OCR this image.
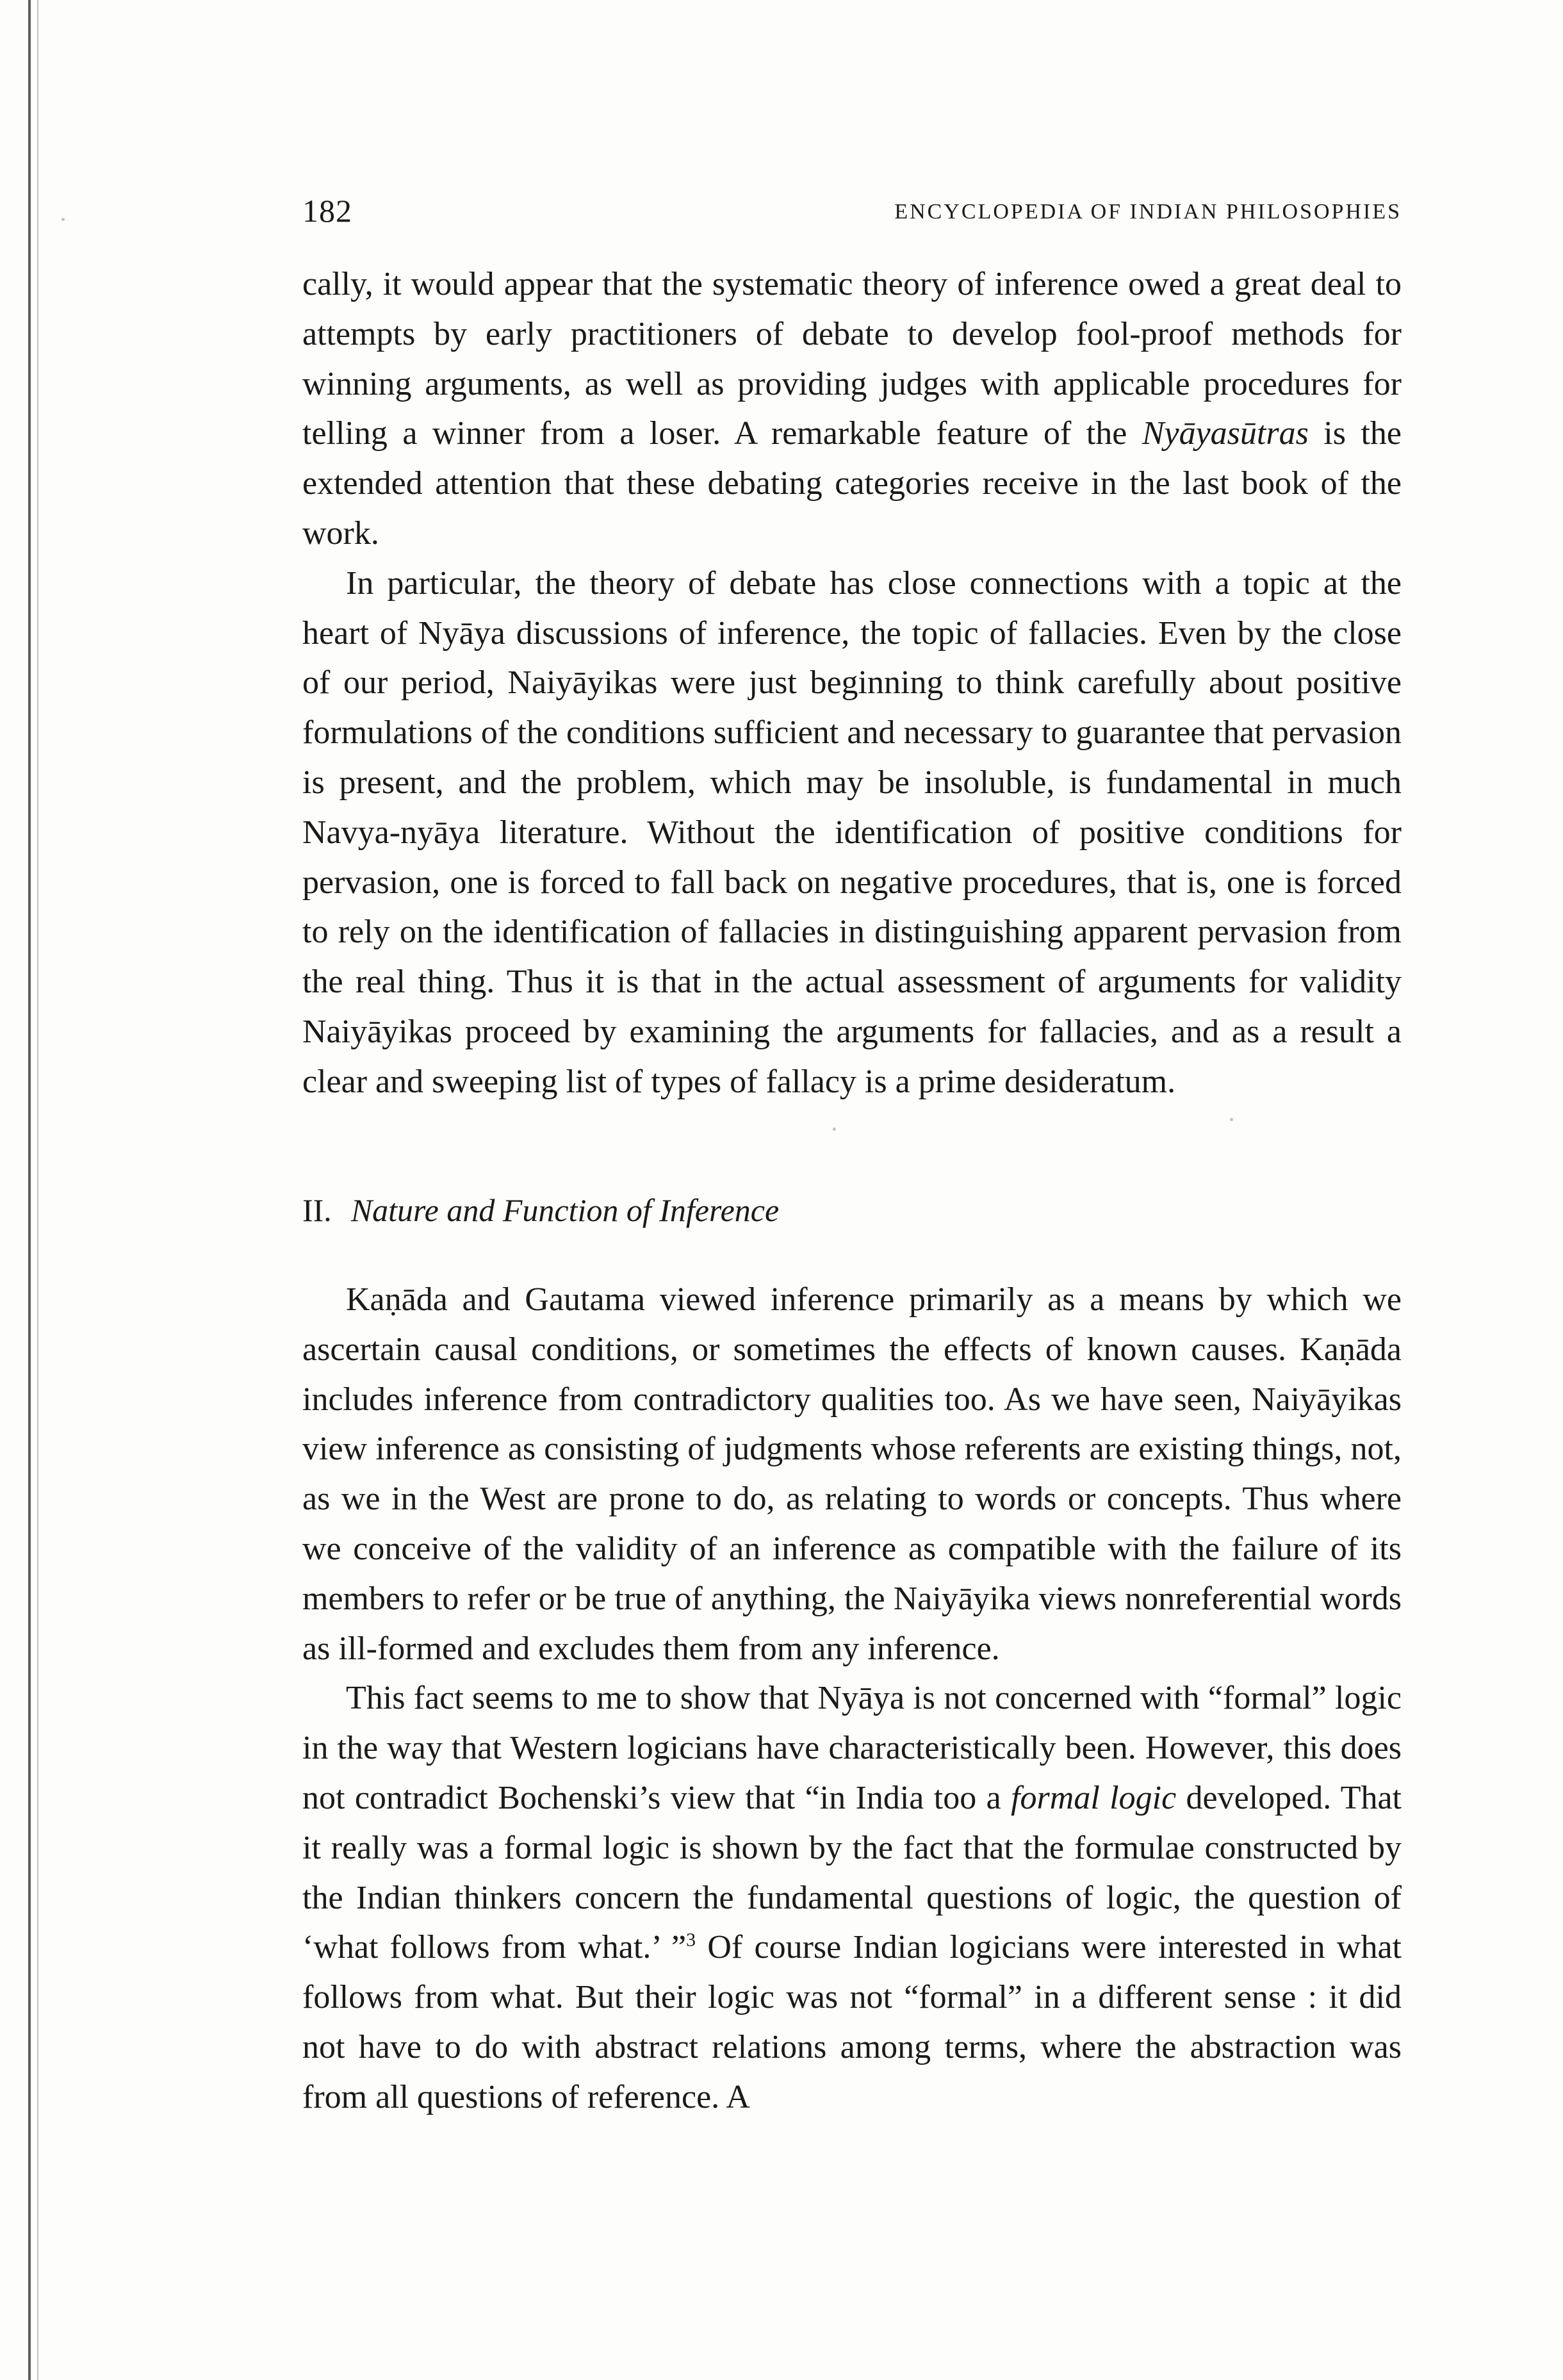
182	ENCYCLOPEDIA OF INDIAN PHILOSOPHIES

cally, it would appear that the systematic theory of inference owed a great deal to attempts by early practitioners of debate to develop fool-proof methods for winning arguments, as well as providing judges with applicable procedures for telling a winner from a loser. A remarkable feature of the Nyāyasūtras is the extended attention that these debating categories receive in the last book of the work.

In particular, the theory of debate has close connections with a topic at the heart of Nyāya discussions of inference, the topic of fallacies. Even by the close of our period, Naiyāyikas were just beginning to think carefully about positive formulations of the conditions sufficient and necessary to guarantee that pervasion is present, and the problem, which may be insoluble, is fundamental in much Navya-nyāya literature. Without the identification of positive conditions for pervasion, one is forced to fall back on negative procedures, that is, one is forced to rely on the identification of fallacies in distinguishing apparent pervasion from the real thing. Thus it is that in the actual assessment of arguments for validity Naiyāyikas proceed by examining the arguments for fallacies, and as a result a clear and sweeping list of types of fallacy is a prime desideratum.

II. Nature and Function of Inference

Kaṇāda and Gautama viewed inference primarily as a means by which we ascertain causal conditions, or sometimes the effects of known causes. Kaṇāda includes inference from contradictory qualities too. As we have seen, Naiyāyikas view inference as consisting of judgments whose referents are existing things, not, as we in the West are prone to do, as relating to words or concepts. Thus where we conceive of the validity of an inference as compatible with the failure of its members to refer or be true of anything, the Naiyāyika views nonreferential words as ill-formed and excludes them from any inference.

This fact seems to me to show that Nyāya is not concerned with “formal” logic in the way that Western logicians have characteristically been. However, this does not contradict Bochenski’s view that “in India too a formal logic developed. That it really was a formal logic is shown by the fact that the formulae constructed by the Indian thinkers concern the fundamental questions of logic, the question of ‘what follows from what.’ ”$^3$ Of course Indian logicians were interested in what follows from what. But their logic was not “formal” in a different sense : it did not have to do with abstract relations among terms, where the abstraction was from all questions of reference. A
